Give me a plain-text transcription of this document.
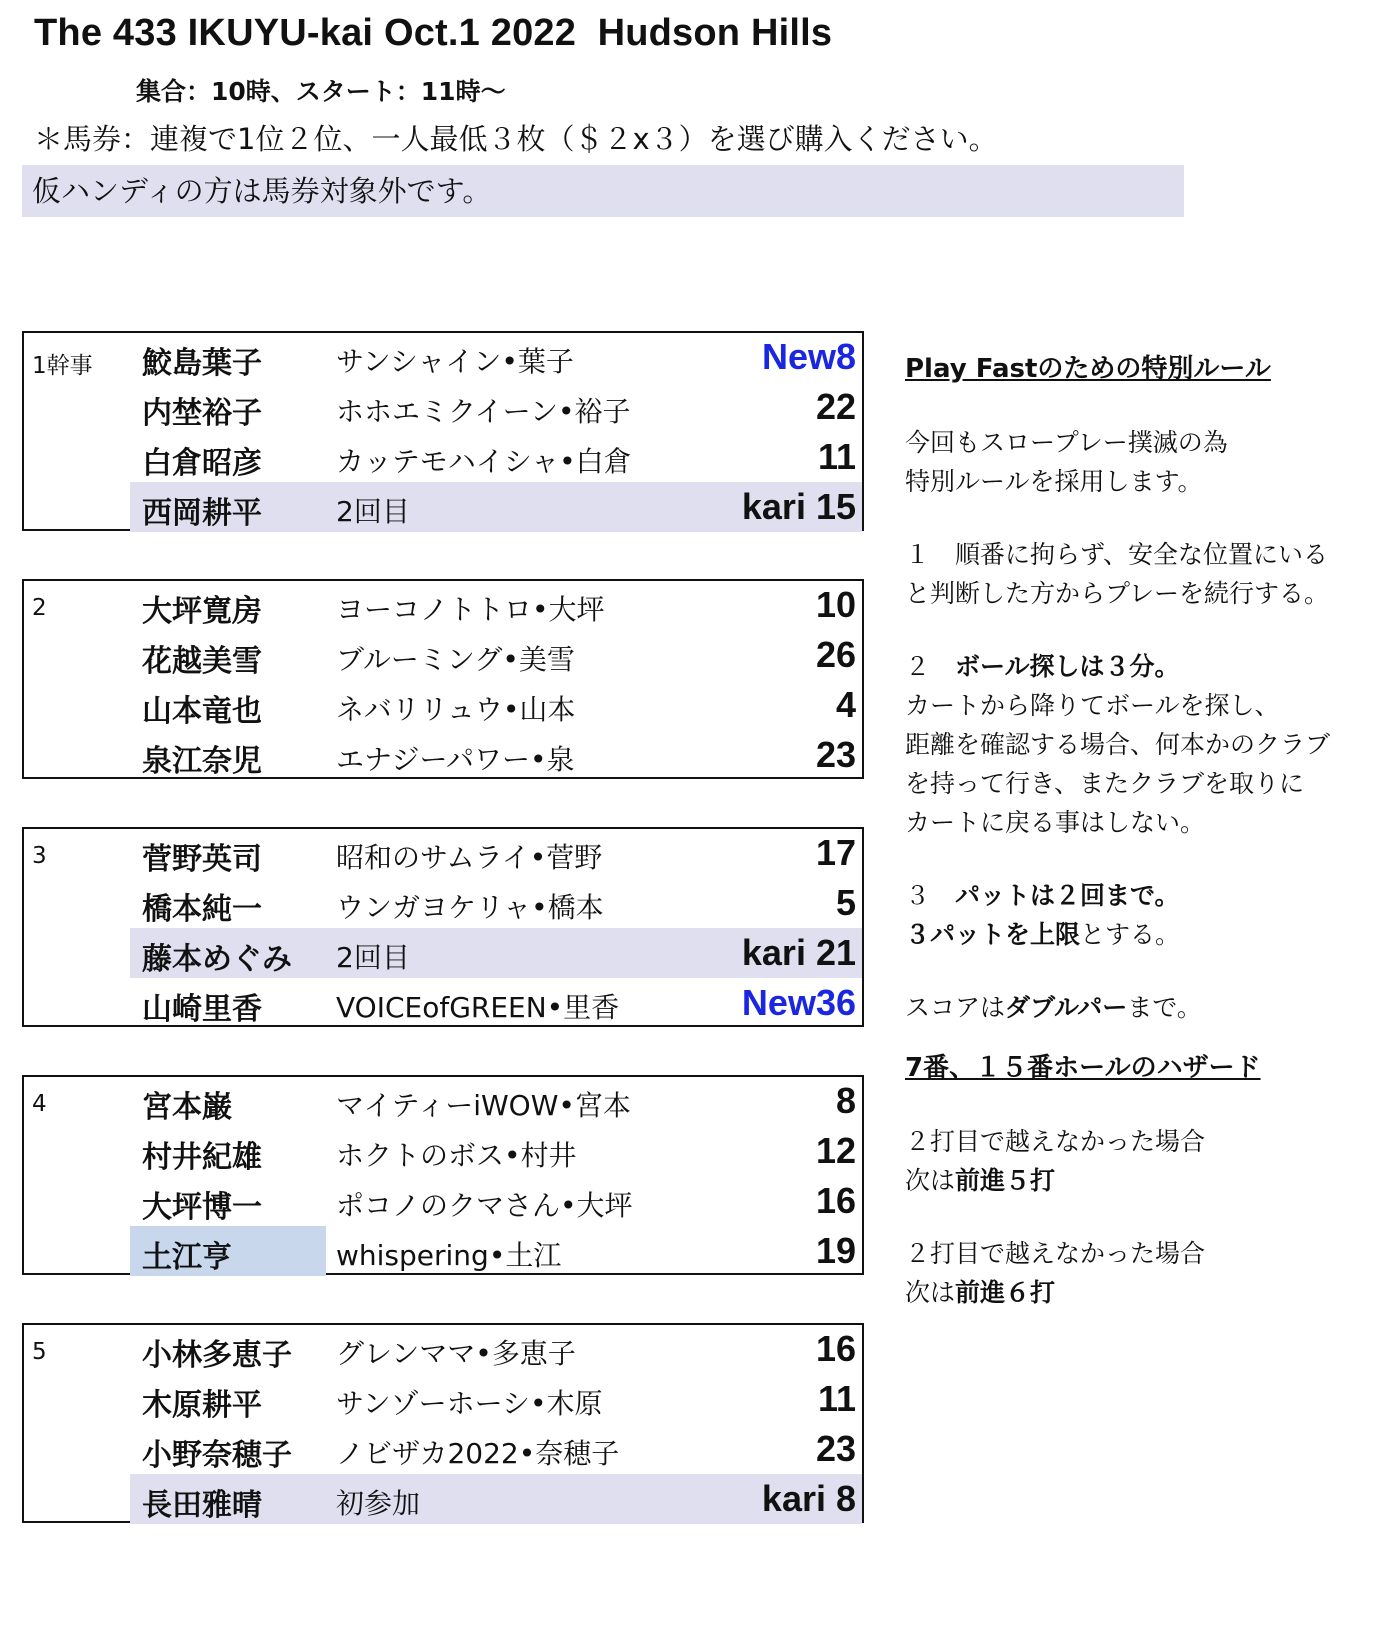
The 433 IKUYU-kai Oct.1 2022  Hudson Hills
集合：10時、スタート：11時〜
＊馬券：連複で1位２位、一人最低３枚（＄２x３）を選び購入ください。
仮ハンディの方は馬券対象外です。
1幹事 鮫島葉子	サンシャイン•葉子	New8
内埜裕子	ホホエミクイーン•裕子	22
白倉昭彦	カッテモハイシャ•白倉	11
西岡耕平	2回目	kari 15
2	大坪寛房	ヨーコノトトロ•大坪	10
花越美雪	ブルーミング•美雪	26
山本竜也	ネバリリュウ•山本	4
泉江奈児	エナジーパワー•泉	23
3	菅野英司	昭和のサムライ•菅野	17
橋本純一	ウンガヨケリャ•橋本	5
藤本めぐみ 2回目	kari 21
山崎里香	VOICEofGREEN•里香	New36
4	宮本巌	マイティーiWOW•宮本	8
村井紀雄	ホクトのボス•村井	12
大坪博一	ポコノのクマさん•大坪	16
土江亨	whispering•土江	19
5	小林多恵子 グレンママ•多恵子	16
木原耕平	サンゾーホーシ•木原	11
小野奈穂子 ノビザカ2022•奈穂子	23
長田雅晴	初参加	kari 8
Play Fastのための特別ルール
今回もスロープレー撲滅の為
特別ルールを採用します。
１　順番に拘らず、安全な位置にいる
と判断した方からプレーを続行する。
２　ボール探しは３分。
カートから降りてボールを探し、
距離を確認する場合、何本かのクラブ
を持って行き、またクラブを取りに
カートに戻る事はしない。
３　パットは２回まで。
３パットを上限とする。
スコアはダブルパーまで。
7番、１５番ホールのハザード
２打目で越えなかった場合
次は前進５打
２打目で越えなかった場合
次は前進６打
